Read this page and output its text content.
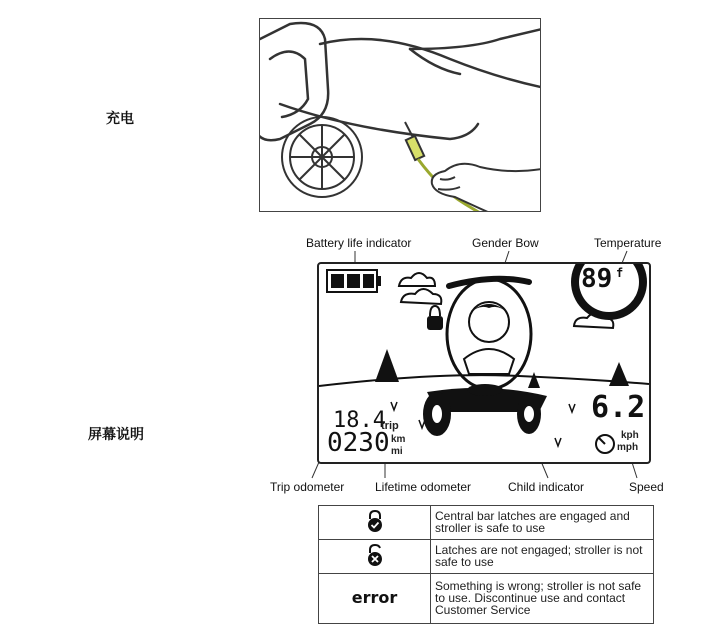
充电
屏幕说明
Battery life indicator	Gender Bow	Temperature
Trip odometer	Lifetime odometer	Child indicator	Speed
89 f
18.4
trip
0230 km
mi
6.2
kph
mph
	Central bar latches are engaged and stroller is safe to use
	Latches are not engaged; stroller is not safe to use
error	Something is wrong; stroller is not safe to use. Discontinue use and contact Customer Service
